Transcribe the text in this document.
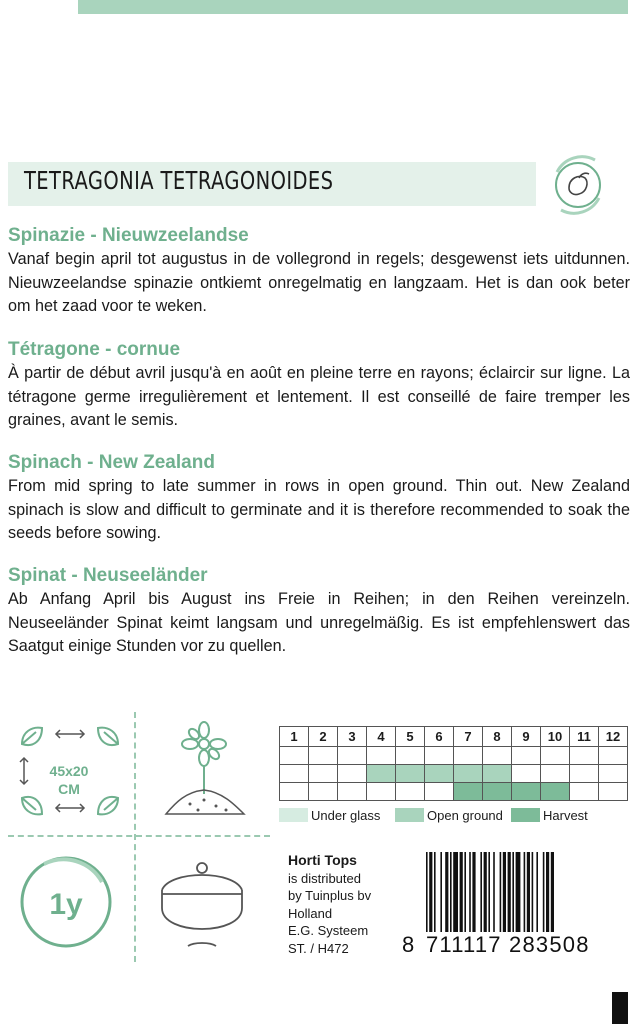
TETRAGONIA TETRAGONOIDES
Spinazie - Nieuwzeelandse

Vanaf begin april tot augustus in de vollegrond in regels; desgewenst iets uitdunnen. Nieuwzeelandse spinazie ontkiemt onregelmatig en langzaam. Het is dan ook beter om het zaad voor te weken.

Tétragone - cornue

À partir de début avril jusqu'à en août en pleine terre en rayons; éclaircir sur ligne. La tétragone germe irregulièrement et lentement. Il est conseillé de faire tremper les graines, avant le semis.

Spinach - New Zealand

From mid spring to late summer in rows in open ground. Thin out. New Zealand spinach is slow and difficult to germinate and it is therefore recommended to soak the seeds before sowing.

Spinat - Neuseeländer

Ab Anfang April bis August ins Freie in Reihen; in den Reihen vereinzeln. Neuseeländer Spinat keimt langsam und unregelmäßig. Es ist empfehlenswert das Saatgut einige Stunden vor zu quellen.

45x20
CM
1y
1	2	3	4	5	6	7	8	9	10	11	12

Under glass	Open ground	Harvest
Horti Tops
is distributed
by Tuinplus bv
Holland
E.G. Systeem
ST. / H472	8 711117 283508
